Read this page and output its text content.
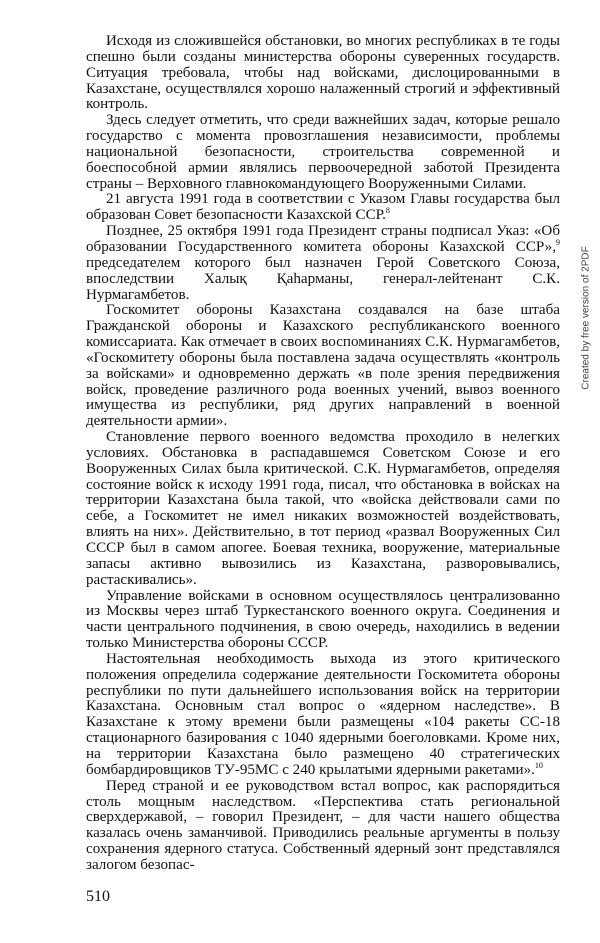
Исходя из сложившейся обстановки, во многих республиках в те годы спешно были созданы министерства обороны суверенных государств. Ситуация требовала, чтобы над войсками, дислоцированными в Казахстане, осуществлялся хорошо налаженный строгий и эффективный контроль.

Здесь следует отметить, что среди важнейших задач, которые решало государство с момента провозглашения независимости, проблемы национальной безопасности, строительства современной и боеспособной армии являлись первоочередной заботой Президента страны – Верховного главнокомандующего Вооруженными Силами.

21 августа 1991 года в соответствии с Указом Главы государства был образован Совет безопасности Казахской ССР.$^8$

Позднее, 25 октября 1991 года Президент страны подписал Указ: «Об образовании Государственного комитета обороны Казахской ССР»,$^9$ председателем которого был назначен Герой Советского Союза, впоследствии Халық Қаһарманы, генерал-лейтенант С.К. Нурмагамбетов.

Госкомитет обороны Казахстана создавался на базе штаба Гражданской обороны и Казахского республиканского военного комиссариата. Как отмечает в своих воспоминаниях С.К. Нурмагамбетов, «Госкомитету обороны была поставлена задача осуществлять «контроль за войсками» и одновременно держать «в поле зрения передвижения войск, проведение различного рода военных учений, вывоз военного имущества из республики, ряд других направлений в военной деятельности армии».

Становление первого военного ведомства проходило в нелегких условиях. Обстановка в распадавшемся Советском Союзе и его Вооруженных Силах была критической. С.К. Нурмагамбетов, определяя состояние войск к исходу 1991 года, писал, что обстановка в войсках на территории Казахстана была такой, что «войска действовали сами по себе, а Госкомитет не имел никаких возможностей воздействовать, влиять на них». Действительно, в тот период «развал Вооруженных Сил СССР был в самом апогее. Боевая техника, вооружение, материальные запасы активно вывозились из Казахстана, разворовывались, растаскивались».

Управление войсками в основном осуществлялось централизованно из Москвы через штаб Туркестанского военного округа. Соединения и части центрального подчинения, в свою очередь, находились в ведении только Министерства обороны СССР.

Настоятельная необходимость выхода из этого критического положения определила содержание деятельности Госкомитета обороны республики по пути дальнейшего использования войск на территории Казахстана. Основным стал вопрос о «ядерном наследстве». В Казахстане к этому времени были размещены «104 ракеты СС-18 стационарного базирования с 1040 ядерными боеголовками. Кроме них, на территории Казахстана было размещено 40 стратегических бомбардировщиков ТУ-95МС с 240 крылатыми ядерными ракетами».$^{10}$

Перед страной и ее руководством встал вопрос, как распорядиться столь мощным наследством. «Перспектива стать региональной сверхдержавой, – говорил Президент, – для части нашего общества казалась очень заманчивой. Приводились реальные аргументы в пользу сохранения ядерного статуса. Собственный ядерный зонт представлялся залогом безопас-

510

Created by free version of 2PDF
